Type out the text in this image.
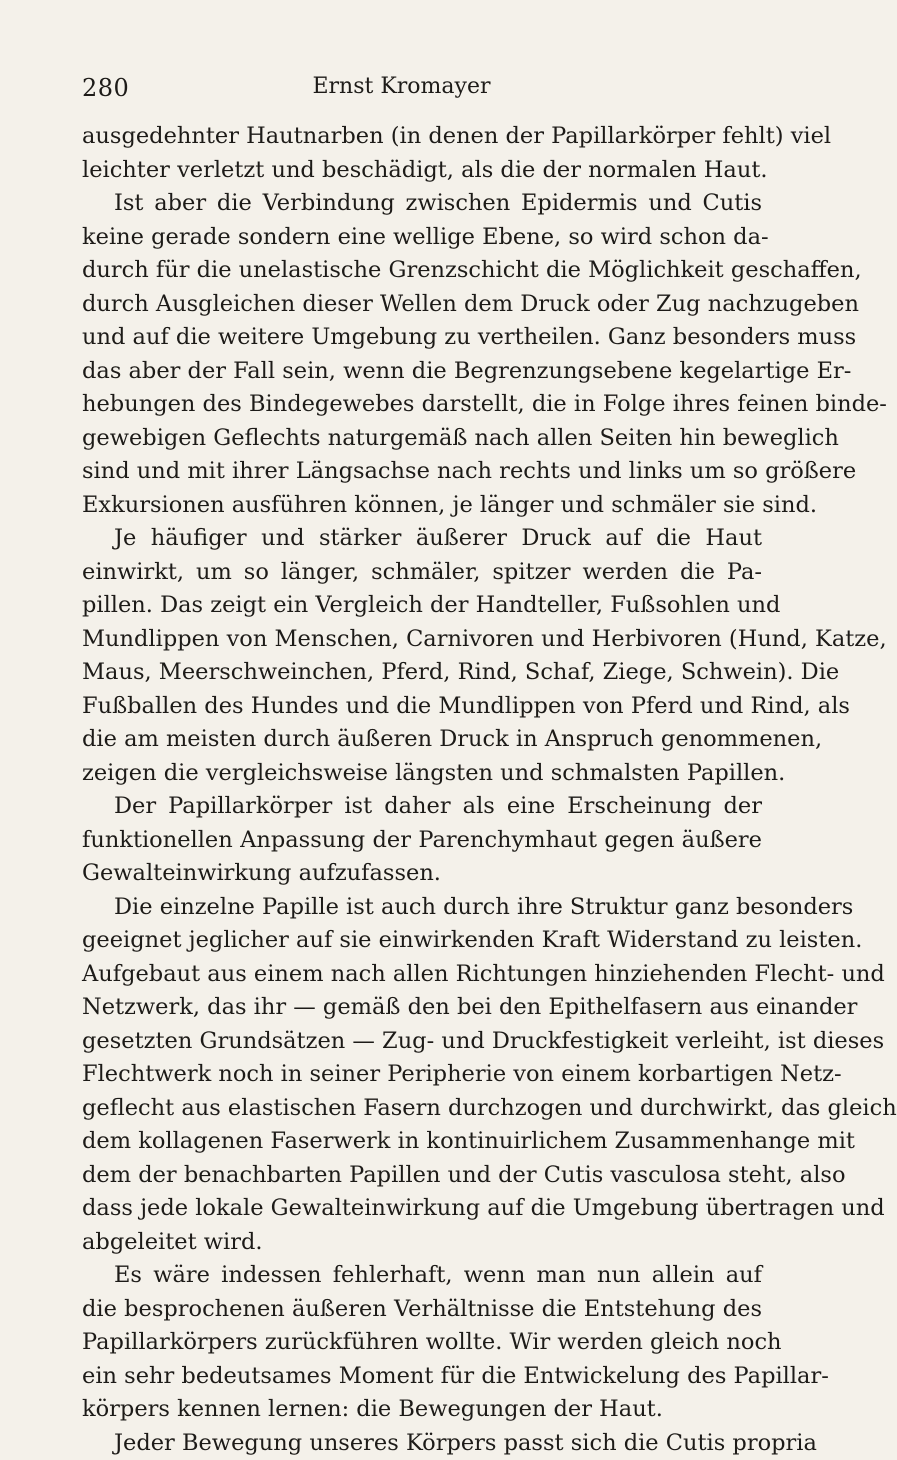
280	Ernst Kromayer
ausgedehnter Hautnarben (in denen der Papillarkörper fehlt) viel
leichter verletzt und beschädigt, als die der normalen Haut.
Ist aber die Verbindung zwischen Epidermis und Cutis
keine gerade sondern eine wellige Ebene, so wird schon da-
durch für die unelastische Grenzschicht die Möglichkeit geschaffen,
durch Ausgleichen dieser Wellen dem Druck oder Zug nachzugeben
und auf die weitere Umgebung zu vertheilen. Ganz besonders muss
das aber der Fall sein, wenn die Begrenzungsebene kegelartige Er-
hebungen des Bindegewebes darstellt, die in Folge ihres feinen binde-
gewebigen Geflechts naturgemäß nach allen Seiten hin beweglich
sind und mit ihrer Längsachse nach rechts und links um so größere
Exkursionen ausführen können, je länger und schmäler sie sind.
Je häufiger und stärker äußerer Druck auf die Haut
einwirkt, um so länger, schmäler, spitzer werden die Pa-
pillen. Das zeigt ein Vergleich der Handteller, Fußsohlen und
Mundlippen von Menschen, Carnivoren und Herbivoren (Hund, Katze,
Maus, Meerschweinchen, Pferd, Rind, Schaf, Ziege, Schwein). Die
Fußballen des Hundes und die Mundlippen von Pferd und Rind, als
die am meisten durch äußeren Druck in Anspruch genommenen,
zeigen die vergleichsweise längsten und schmalsten Papillen.
Der Papillarkörper ist daher als eine Erscheinung der
funktionellen Anpassung der Parenchymhaut gegen äußere
Gewalteinwirkung aufzufassen.
Die einzelne Papille ist auch durch ihre Struktur ganz besonders
geeignet jeglicher auf sie einwirkenden Kraft Widerstand zu leisten.
Aufgebaut aus einem nach allen Richtungen hinziehenden Flecht- und
Netzwerk, das ihr — gemäß den bei den Epithelfasern aus einander
gesetzten Grundsätzen — Zug- und Druckfestigkeit verleiht, ist dieses
Flechtwerk noch in seiner Peripherie von einem korbartigen Netz-
geflecht aus elastischen Fasern durchzogen und durchwirkt, das gleich
dem kollagenen Faserwerk in kontinuirlichem Zusammenhange mit
dem der benachbarten Papillen und der Cutis vasculosa steht, also
dass jede lokale Gewalteinwirkung auf die Umgebung übertragen und
abgeleitet wird.
Es wäre indessen fehlerhaft, wenn man nun allein auf
die besprochenen äußeren Verhältnisse die Entstehung des
Papillarkörpers zurückführen wollte. Wir werden gleich noch
ein sehr bedeutsames Moment für die Entwickelung des Papillar-
körpers kennen lernen: die Bewegungen der Haut.
Jeder Bewegung unseres Körpers passt sich die Cutis propria
